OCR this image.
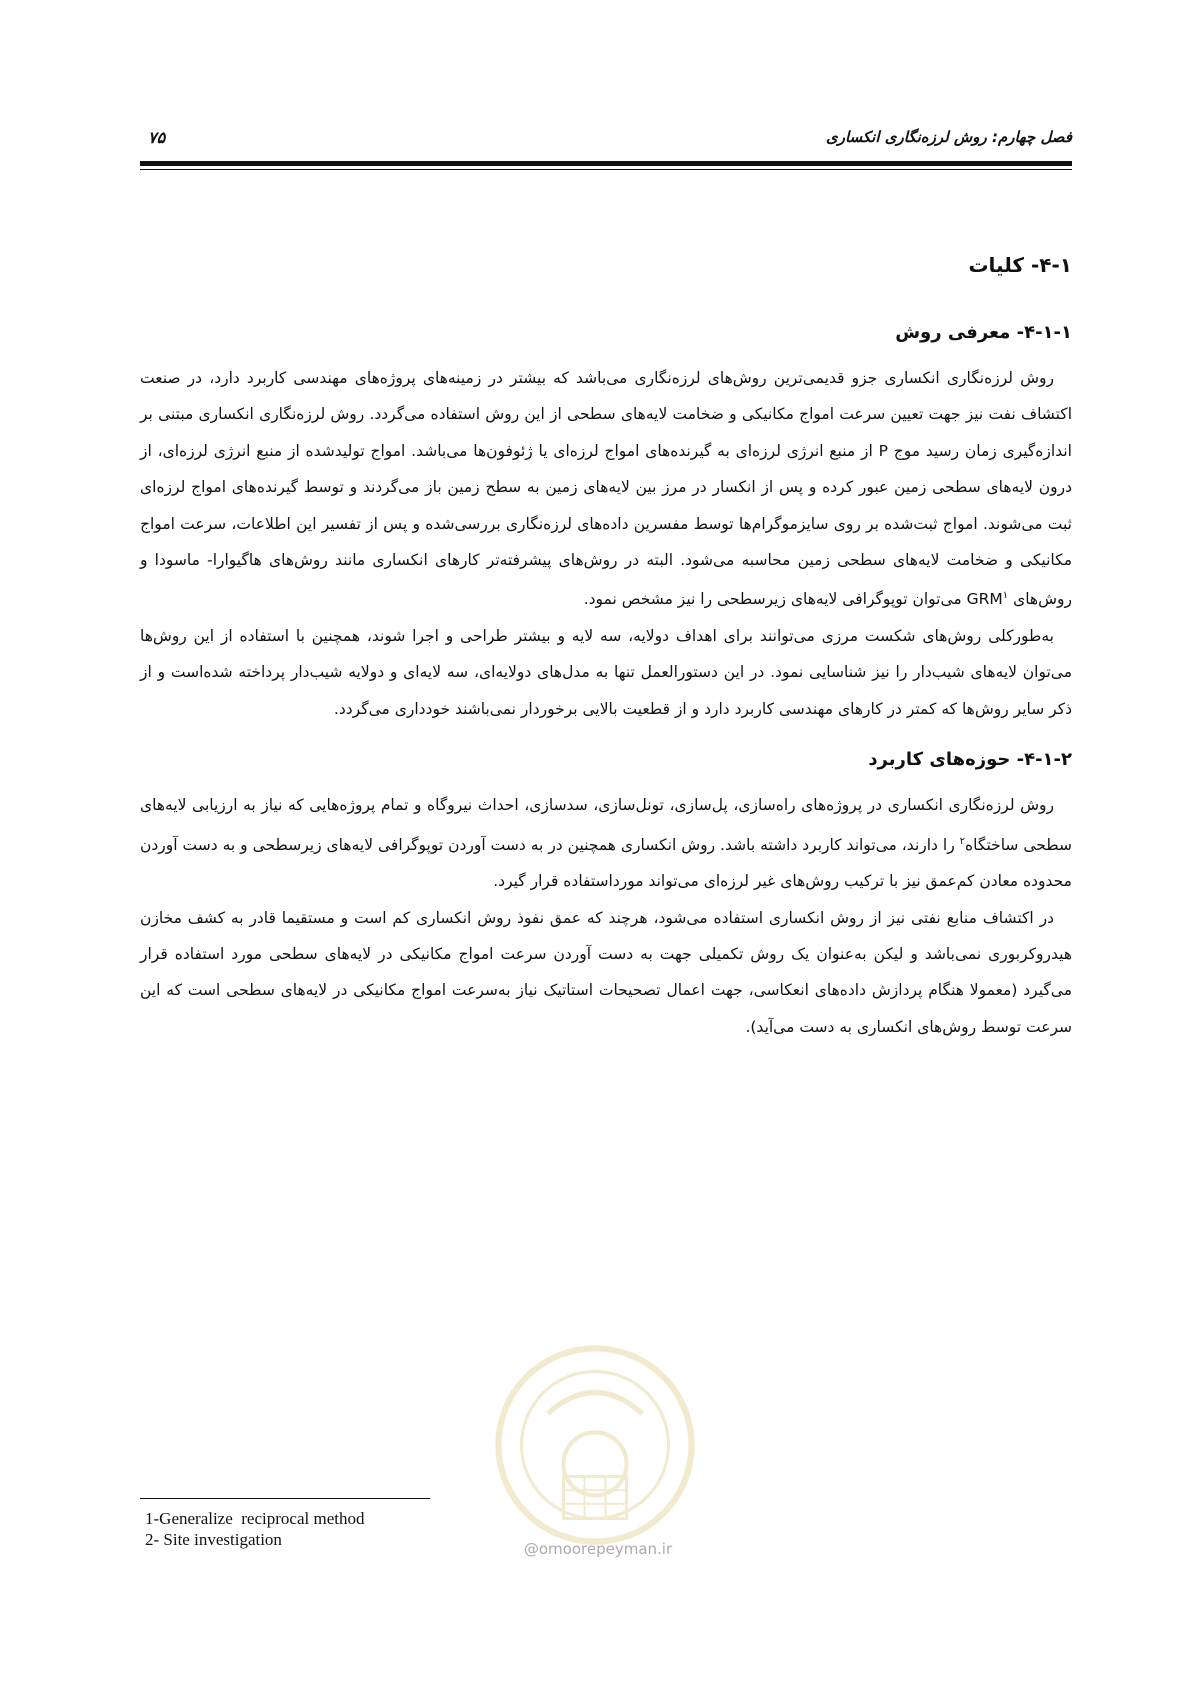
فصل چهارم: روش لرزه‌نگاری انکساری
۷۵
۴-۱- کلیات
۴-۱-۱- معرفی روش

روش لرزه‌نگاری انکساری جزو قدیمی‌ترین روش‌های لرزه‌نگاری می‌باشد که بیشتر در زمینه‌های پروژه‌های مهندسی کاربرد دارد، در صنعت اکتشاف نفت نیز جهت تعیین سرعت امواج مکانیکی و ضخامت لایه‌های سطحی از این روش استفاده می‌گردد. روش لرزه‌نگاری انکساری مبتنی بر اندازه‌گیری زمان رسید موج P از منبع انرژی لرزه‌ای به گیرنده‌های امواج لرزه‌ای یا ژئوفون‌ها می‌باشد. امواج تولیدشده از منبع انرژی لرزه‌ای، از درون لایه‌های سطحی زمین عبور کرده و پس از انکسار در مرز بین لایه‌های زمین به سطح زمین باز می‌گردند و توسط گیرنده‌های امواج لرزه‌ای ثبت می‌شوند. امواج ثبت‌شده بر روی سایزموگرام‌ها توسط مفسرین داده‌های لرزه‌نگاری بررسی‌شده و پس از تفسیر این اطلاعات، سرعت امواج مکانیکی و ضخامت لایه‌های سطحی زمین محاسبه می‌شود. البته در روش‌های پیشرفته‌تر کارهای انکساری مانند روش‌های هاگیوارا- ماسودا و روش‌های GRM$^۱$ می‌توان توپوگرافی لایه‌های زیرسطحی را نیز مشخص نمود.

به‌طورکلی روش‌های شکست مرزی می‌توانند برای اهداف دولایه، سه لایه و بیشتر طراحی و اجرا شوند، همچنین با استفاده از این روش‌ها می‌توان لایه‌های شیب‌دار را نیز شناسایی نمود. در این دستورالعمل تنها به مدل‌های دولایه‌ای، سه لایه‌ای و دولایه شیب‌دار پرداخته شده‌است و از ذکر سایر روش‌ها که کمتر در کارهای مهندسی کاربرد دارد و از قطعیت بالایی برخوردار نمی‌باشند خودداری می‌گردد.

۴-۱-۲- حوزه‌های کاربرد

روش لرزه‌نگاری انکساری در پروژه‌های راه‌سازی، پل‌سازی، تونل‌سازی، سدسازی، احداث نیروگاه و تمام پروژه‌هایی که نیاز به ارزیابی لایه‌های سطحی ساختگاه$^۲$ را دارند، می‌تواند کاربرد داشته باشد. روش انکساری همچنین در به دست آوردن توپوگرافی لایه‌های زیرسطحی و به دست آوردن محدوده معادن کم‌عمق نیز با ترکیب روش‌های غیر لرزه‌ای می‌تواند مورداستفاده قرار گیرد.

در اکتشاف منابع نفتی نیز از روش انکساری استفاده می‌شود، هرچند که عمق نفوذ روش انکساری کم است و مستقیما قادر به کشف مخازن هیدروکربوری نمی‌باشد و لیکن به‌عنوان یک روش تکمیلی جهت به دست آوردن سرعت امواج مکانیکی در لایه‌های سطحی مورد استفاده قرار می‌گیرد (معمولا هنگام پردازش داده‌های انعکاسی، جهت اعمال تصحیحات استاتیک نیاز به‌سرعت امواج مکانیکی در لایه‌های سطحی است که این سرعت توسط روش‌های انکساری به دست می‌آید).

@omoorepeyman.ir
1-Generalize  reciprocal method
2- Site investigation
